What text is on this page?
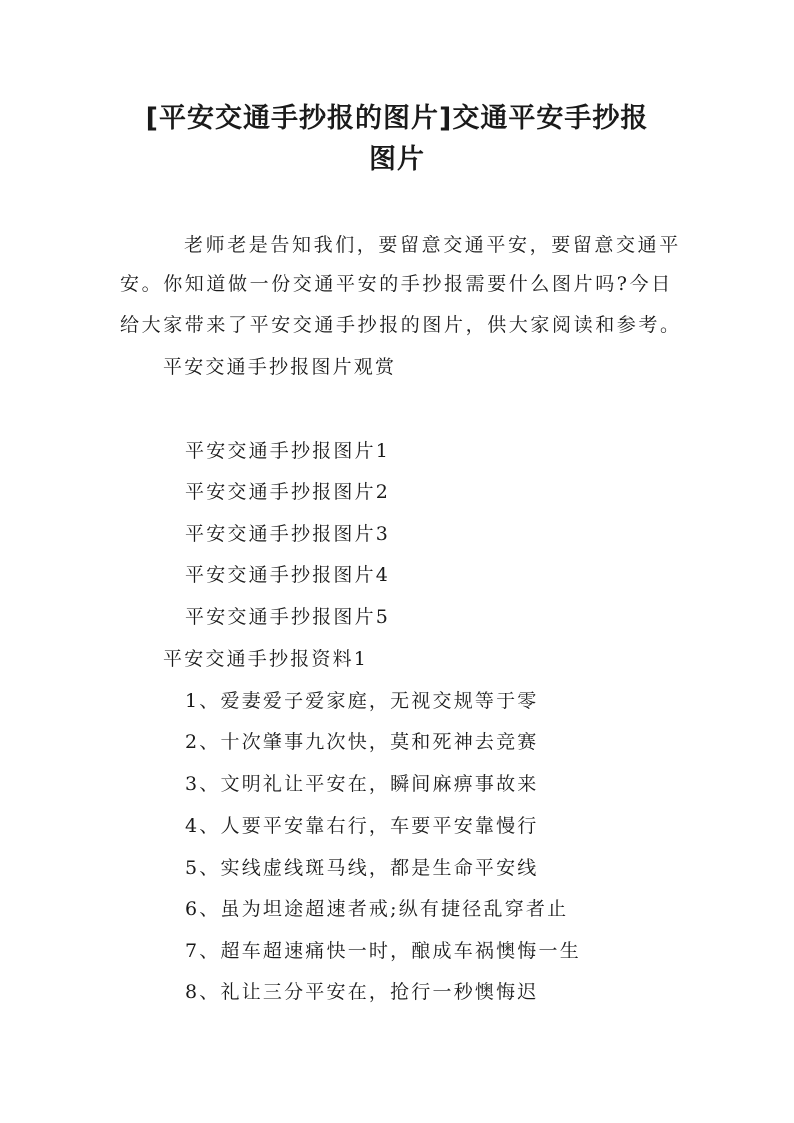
[平安交通手抄报的图片]交通平安手抄报
图片
老师老是告知我们，要留意交通平安，要留意交通平
安。你知道做一份交通平安的手抄报需要什么图片吗?今日
给大家带来了平安交通手抄报的图片，供大家阅读和参考。
平安交通手抄报图片观赏
平安交通手抄报图片1
平安交通手抄报图片2
平安交通手抄报图片3
平安交通手抄报图片4
平安交通手抄报图片5
平安交通手抄报资料1
1、爱妻爱子爱家庭，无视交规等于零
2、十次肇事九次快，莫和死神去竞赛
3、文明礼让平安在，瞬间麻痹事故来
4、人要平安靠右行，车要平安靠慢行
5、实线虚线斑马线，都是生命平安线
6、虽为坦途超速者戒;纵有捷径乱穿者止
7、超车超速痛快一时，酿成车祸懊悔一生
8、礼让三分平安在，抢行一秒懊悔迟
